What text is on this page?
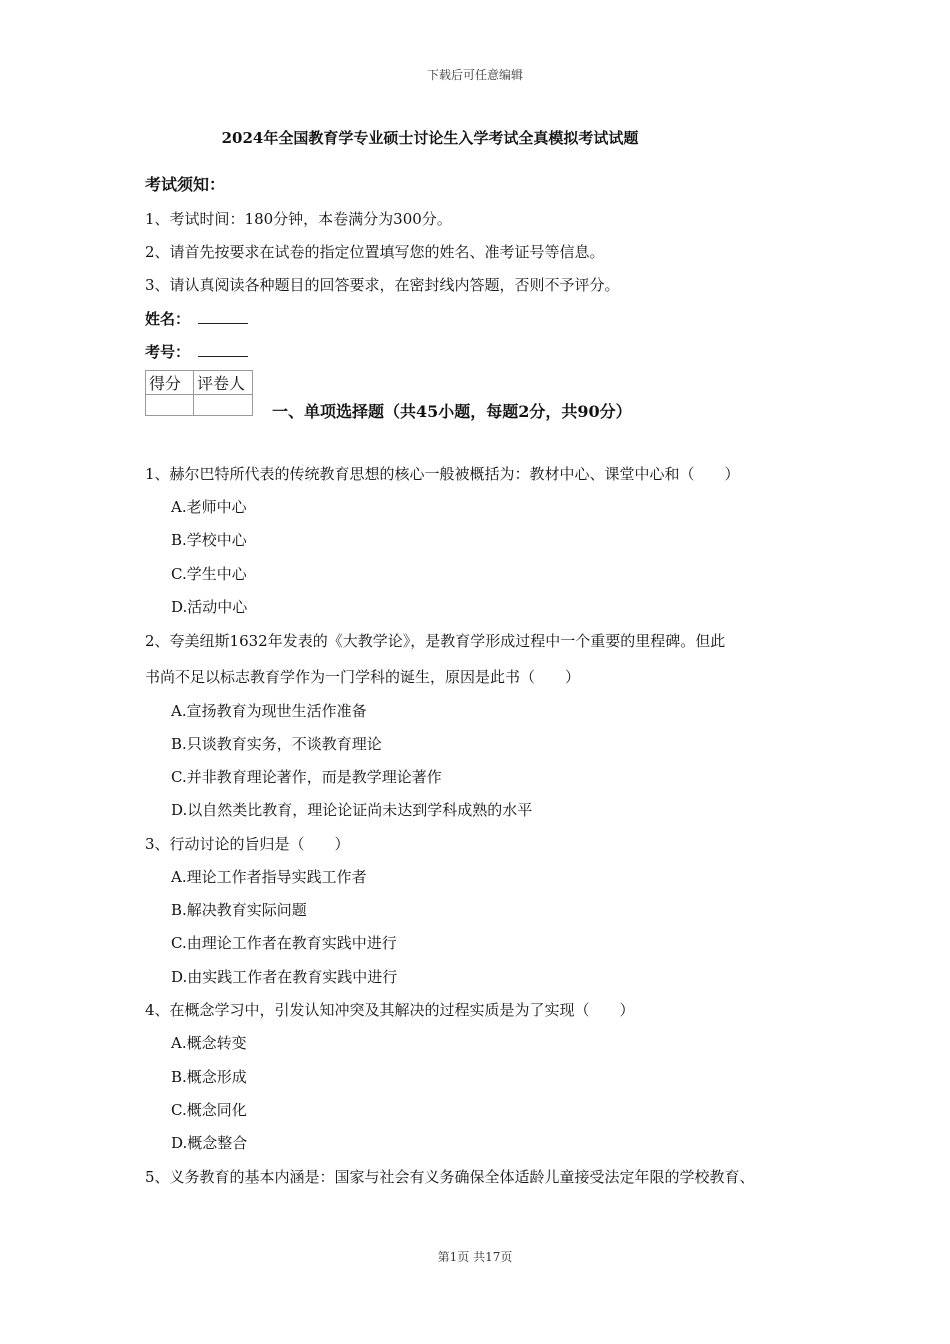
下载后可任意编辑
2024年全国教育学专业硕士讨论生入学考试全真模拟考试试题
考试须知：
1、考试时间：180分钟，本卷满分为300分。
2、请首先按要求在试卷的指定位置填写您的姓名、准考证号等信息。
3、请认真阅读各种题目的回答要求，在密封线内答题，否则不予评分。
姓名：
考号：
得分	评卷人

一、单项选择题（共45小题，每题2分，共90分）
1、赫尔巴特所代表的传统教育思想的核心一般被概括为：教材中心、课堂中心和（　　）
A.老师中心
B.学校中心
C.学生中心
D.活动中心
2、夸美纽斯1632年发表的《大教学论》，是教育学形成过程中一个重要的里程碑。但此
书尚不足以标志教育学作为一门学科的诞生，原因是此书（　　）
A.宣扬教育为现世生活作准备
B.只谈教育实务，不谈教育理论
C.并非教育理论著作，而是教学理论著作
D.以自然类比教育，理论论证尚未达到学科成熟的水平
3、行动讨论的旨归是（　　）
A.理论工作者指导实践工作者
B.解决教育实际问题
C.由理论工作者在教育实践中进行
D.由实践工作者在教育实践中进行
4、在概念学习中，引发认知冲突及其解决的过程实质是为了实现（　　）
A.概念转变
B.概念形成
C.概念同化
D.概念整合
5、义务教育的基本内涵是：国家与社会有义务确保全体适龄儿童接受法定年限的学校教育、
第1页 共17页
